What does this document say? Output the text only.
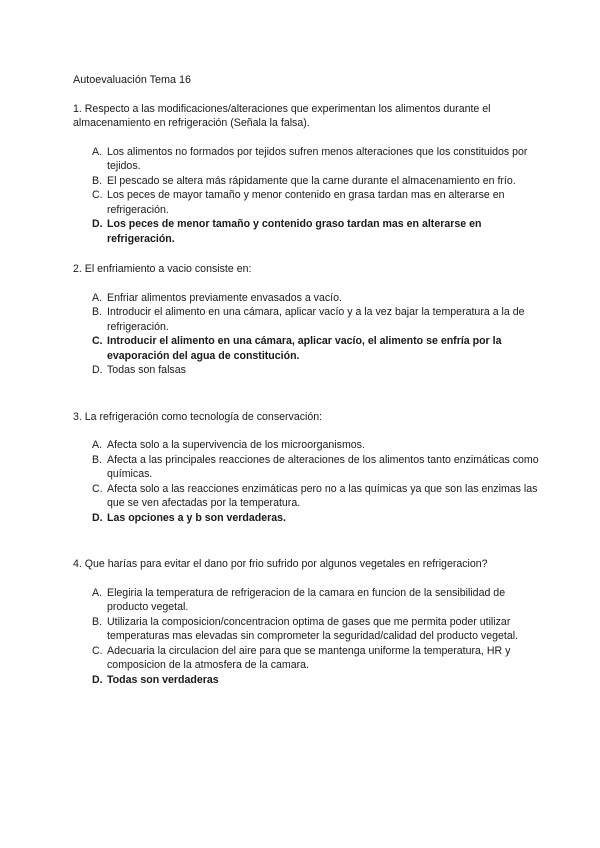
Autoevaluación Tema 16

1. Respecto a las modificaciones/alteraciones que experimentan los alimentos durante el almacenamiento en refrigeración (Señala la falsa).

A. Los alimentos no formados por tejidos sufren menos alteraciones que los constituidos por tejidos.
B. El pescado se altera más rápidamente que la carne durante el almacenamiento en frío.
C. Los peces de mayor tamaño y menor contenido en grasa tardan mas en alterarse en refrigeración.
D. Los peces de menor tamaño y contenido graso tardan mas en alterarse en refrigeración.

2. El enfriamiento a vacio consiste en:

A. Enfriar alimentos previamente envasados a vacío.
B. Introducir el alimento en una cámara, aplicar vacío y a la vez bajar la temperatura a la de refrigeración.
C. Introducir el alimento en una cámara, aplicar vacío, el alimento se enfría por la evaporación del agua de constitución.
D. Todas son falsas

3. La refrigeración como tecnología de conservación:

A. Afecta solo a la supervivencia de los microorganismos.
B. Afecta a las principales reacciones de alteraciones de los alimentos tanto enzimáticas como químicas.
C. Afecta solo a las reacciones enzimáticas pero no a las químicas ya que son las enzimas las que se ven afectadas por la temperatura.
D. Las opciones a y b son verdaderas.

4. Que harías para evitar el dano por frio sufrido por algunos vegetales en refrigeracion?

A. Elegiria la temperatura de refrigeracion de la camara en funcion de la sensibilidad de producto vegetal.
B. Utilizaria la composicion/concentracion optima de gases que me permita poder utilizar temperaturas mas elevadas sin comprometer la seguridad/calidad del producto vegetal.
C. Adecuaria la circulacion del aire para que se mantenga uniforme la temperatura, HR y composicion de la atmosfera de la camara.
D. Todas son verdaderas
